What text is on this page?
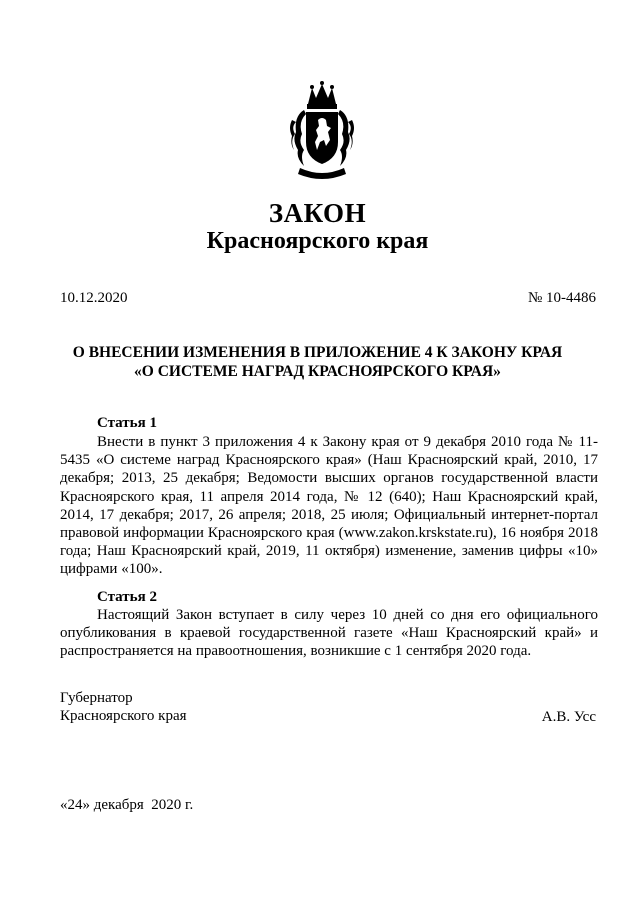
ЗАКОН
Красноярского края
10.12.2020	№ 10-4486
О ВНЕСЕНИИ ИЗМЕНЕНИЯ В ПРИЛОЖЕНИЕ 4 К ЗАКОНУ КРАЯ
«О СИСТЕМЕ НАГРАД КРАСНОЯРСКОГО КРАЯ»
Статья 1
Внести в пункт 3 приложения 4 к Закону края от 9 декабря 2010 года № 11-5435 «О системе наград Красноярского края» (Наш Красноярский край, 2010, 17 декабря; 2013, 25 декабря; Ведомости высших органов государственной власти Красноярского края, 11 апреля 2014 года, № 12 (640); Наш Красноярский край, 2014, 17 декабря; 2017, 26 апреля; 2018, 25 июля; Официальный интернет-портал правовой информации Красноярского края (www.zakon.krskstate.ru), 16 ноября 2018 года; Наш Красноярский край, 2019, 11 октября) изменение, заменив цифры «10» цифрами «100».
Статья 2
Настоящий Закон вступает в силу через 10 дней со дня его официального опубликования в краевой государственной газете «Наш Красноярский край» и распространяется на правоотношения, возникшие с 1 сентября 2020 года.
Губернатор
Красноярского края	А.В. Усс
«24» декабря  2020 г.
